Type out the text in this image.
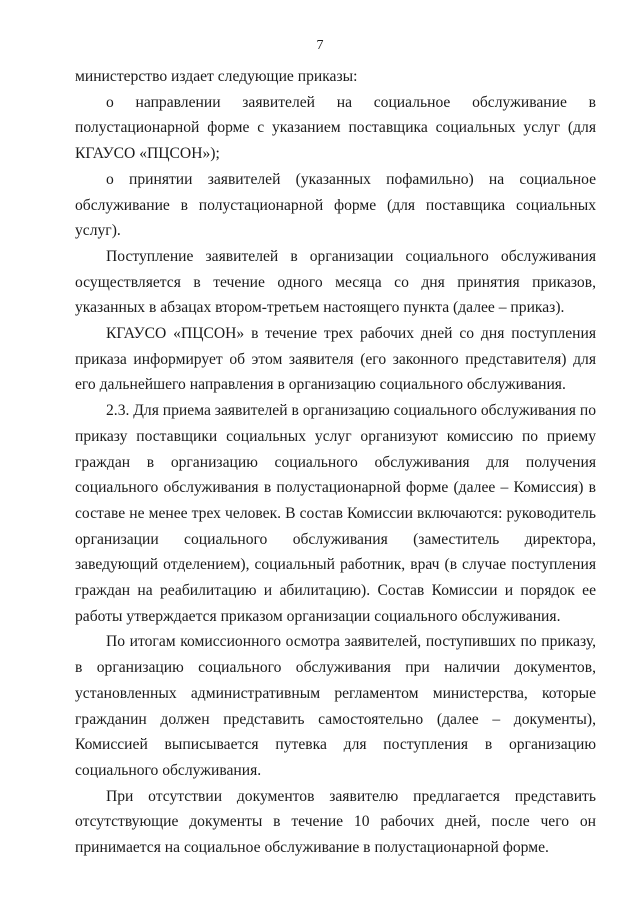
7

министерство издает следующие приказы:

о направлении заявителей на социальное обслуживание в полустационарной форме с указанием поставщика социальных услуг (для КГАУСО «ПЦСОН»);

о принятии заявителей (указанных пофамильно) на социальное обслуживание в полустационарной форме (для поставщика социальных услуг).

Поступление заявителей в организации социального обслуживания осуществляется в течение одного месяца со дня принятия приказов, указанных в абзацах втором-третьем настоящего пункта (далее – приказ).

КГАУСО «ПЦСОН» в течение трех рабочих дней со дня поступления приказа информирует об этом заявителя (его законного представителя) для его дальнейшего направления в организацию социального обслуживания.

2.3. Для приема заявителей в организацию социального обслуживания по приказу поставщики социальных услуг организуют комиссию по приему граждан в организацию социального обслуживания для получения социального обслуживания в полустационарной форме (далее – Комиссия) в составе не менее трех человек. В состав Комиссии включаются: руководитель организации социального обслуживания (заместитель директора, заведующий отделением), социальный работник, врач (в случае поступления граждан на реабилитацию и абилитацию). Состав Комиссии и порядок ее работы утверждается приказом организации социального обслуживания.

По итогам комиссионного осмотра заявителей, поступивших по приказу, в организацию социального обслуживания при наличии документов, установленных административным регламентом министерства, которые гражданин должен представить самостоятельно (далее – документы), Комиссией выписывается путевка для поступления в организацию социального обслуживания.

При отсутствии документов заявителю предлагается представить отсутствующие документы в течение 10 рабочих дней, после чего он принимается на социальное обслуживание в полустационарной форме.
